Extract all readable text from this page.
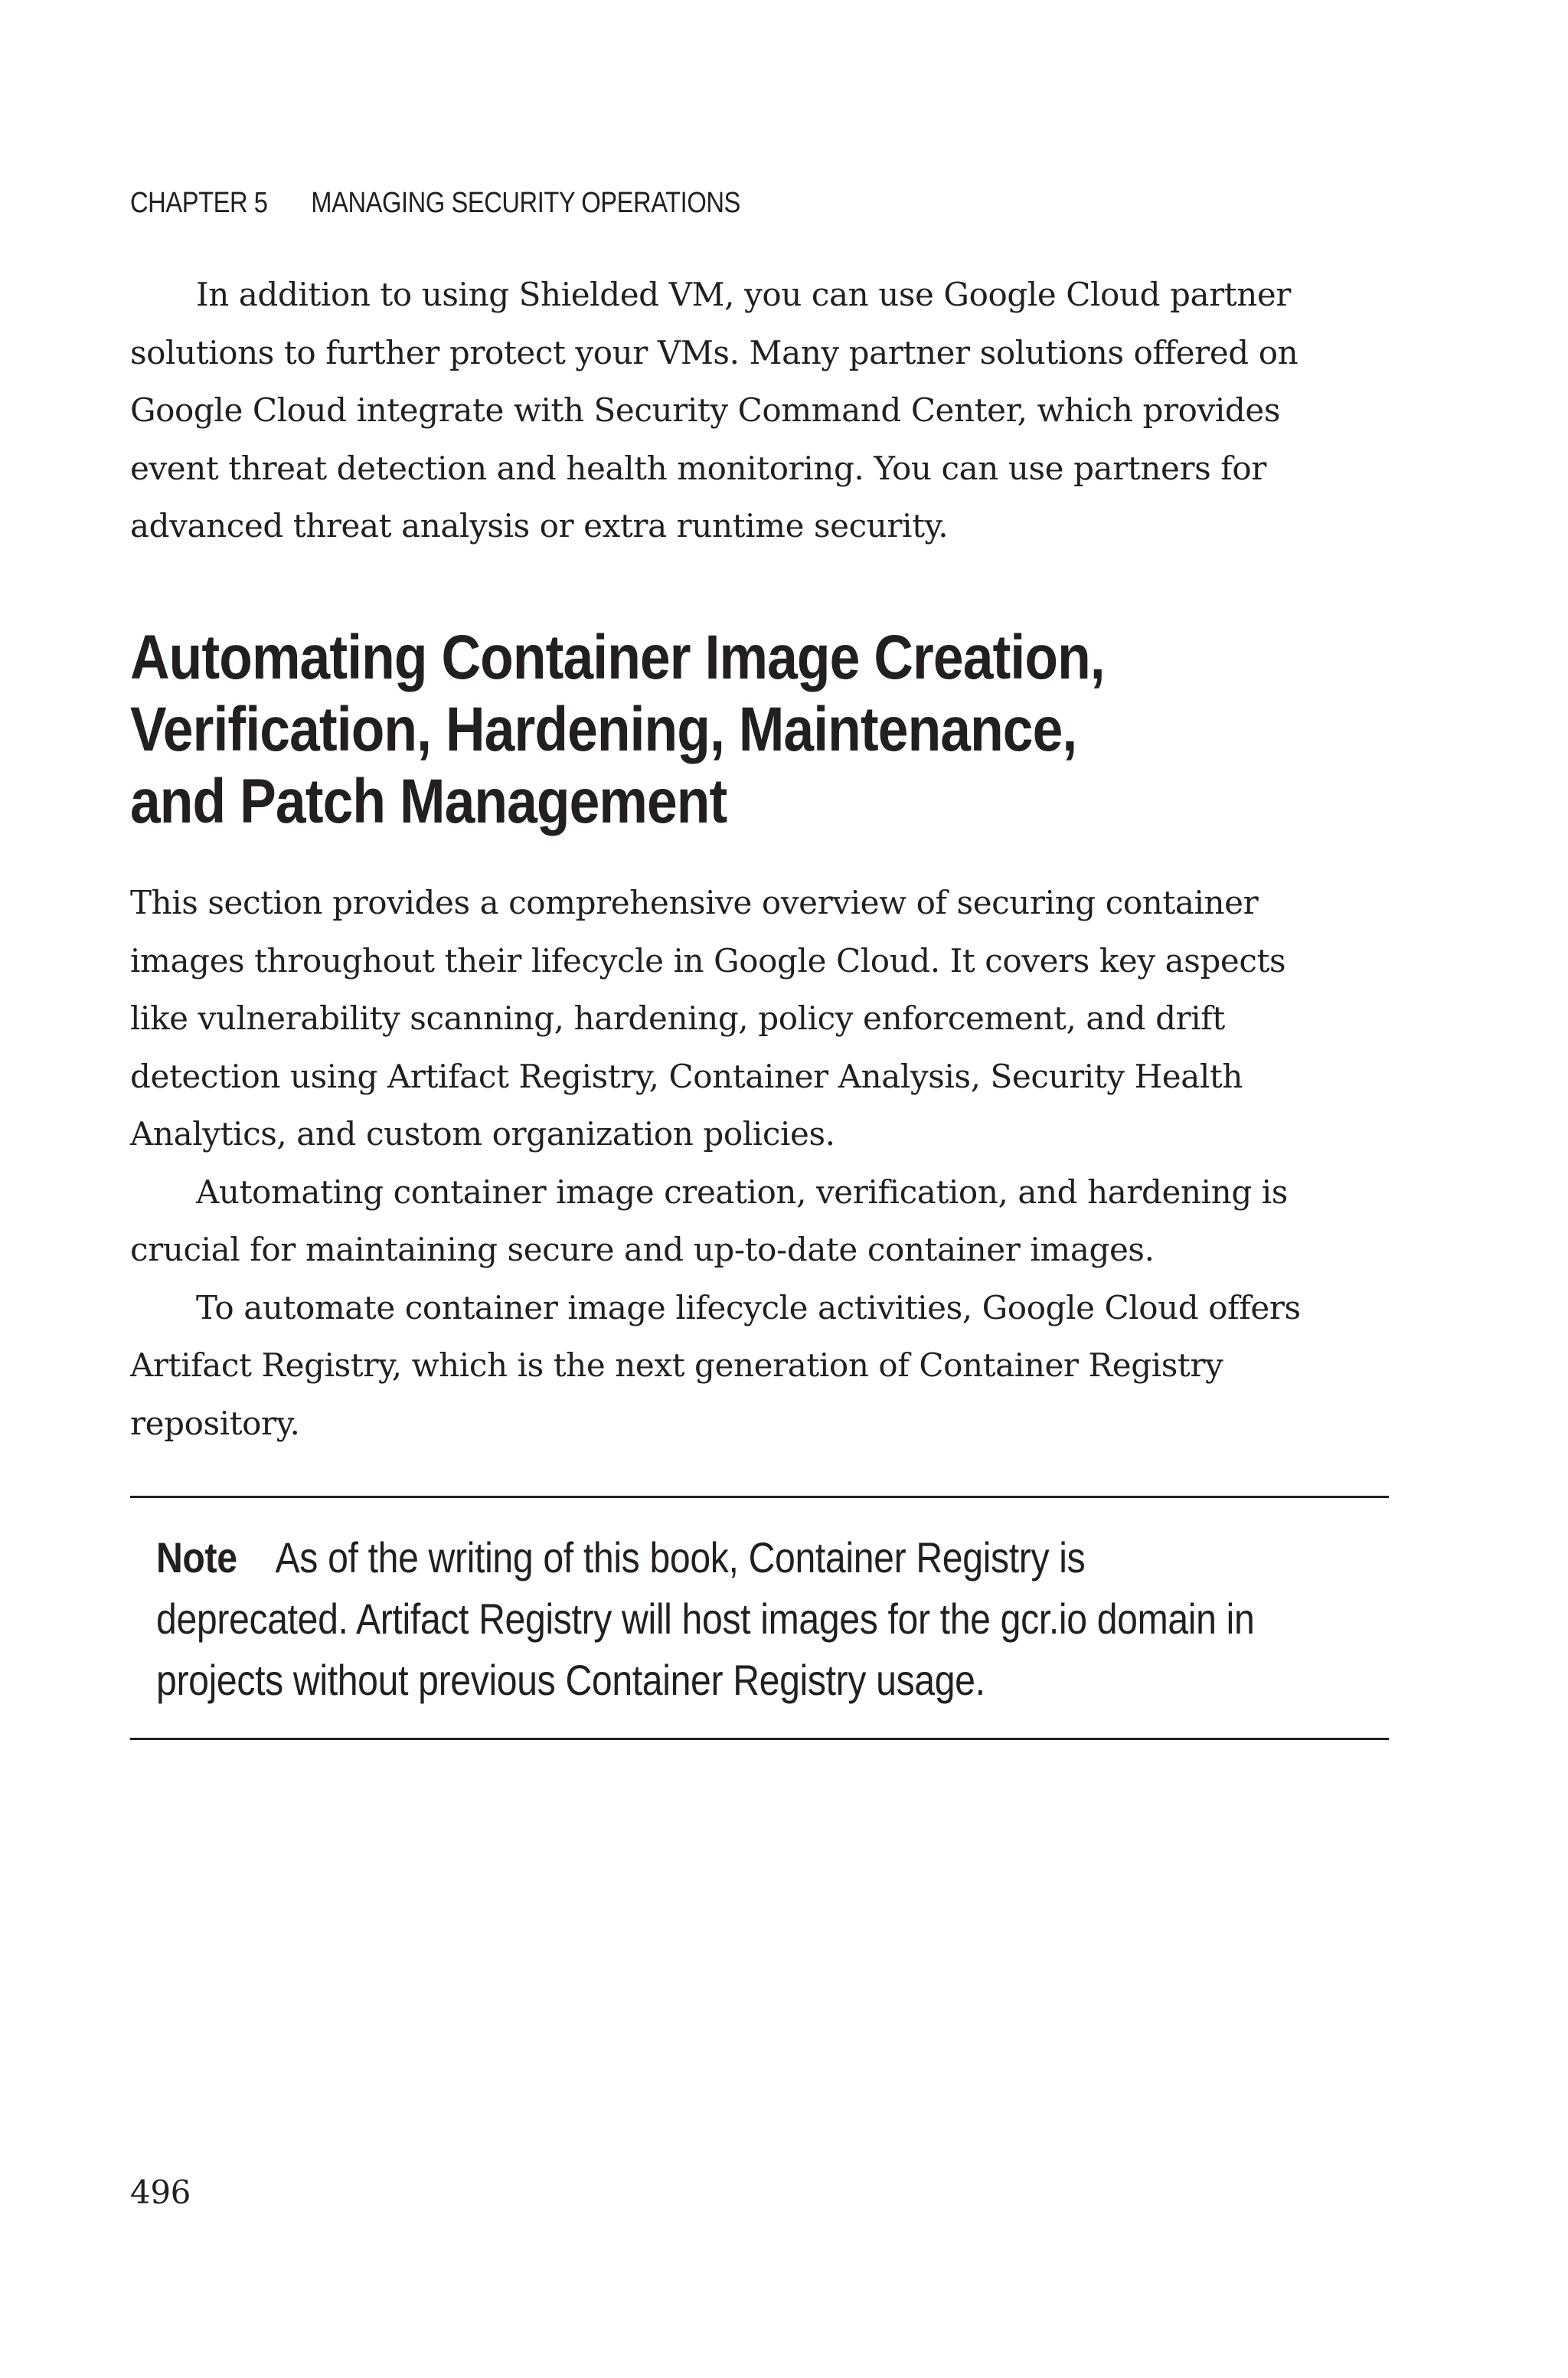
CHAPTER 5 MANAGING SECURITY OPERATIONS

In addition to using Shielded VM, you can use Google Cloud partner
solutions to further protect your VMs. Many partner solutions offered on
Google Cloud integrate with Security Command Center, which provides
event threat detection and health monitoring. You can use partners for
advanced threat analysis or extra runtime security.

Automating Container Image Creation,
Verification, Hardening, Maintenance,
and Patch Management

This section provides a comprehensive overview of securing container
images throughout their lifecycle in Google Cloud. It covers key aspects
like vulnerability scanning, hardening, policy enforcement, and drift
detection using Artifact Registry, Container Analysis, Security Health
Analytics, and custom organization policies.

Automating container image creation, verification, and hardening is
crucial for maintaining secure and up-to-date container images.

To automate container image lifecycle activities, Google Cloud offers
Artifact Registry, which is the next generation of Container Registry
repository.

Note As of the writing of this book, Container Registry is
deprecated. Artifact Registry will host images for the gcr.io domain in
projects without previous Container Registry usage.
496
